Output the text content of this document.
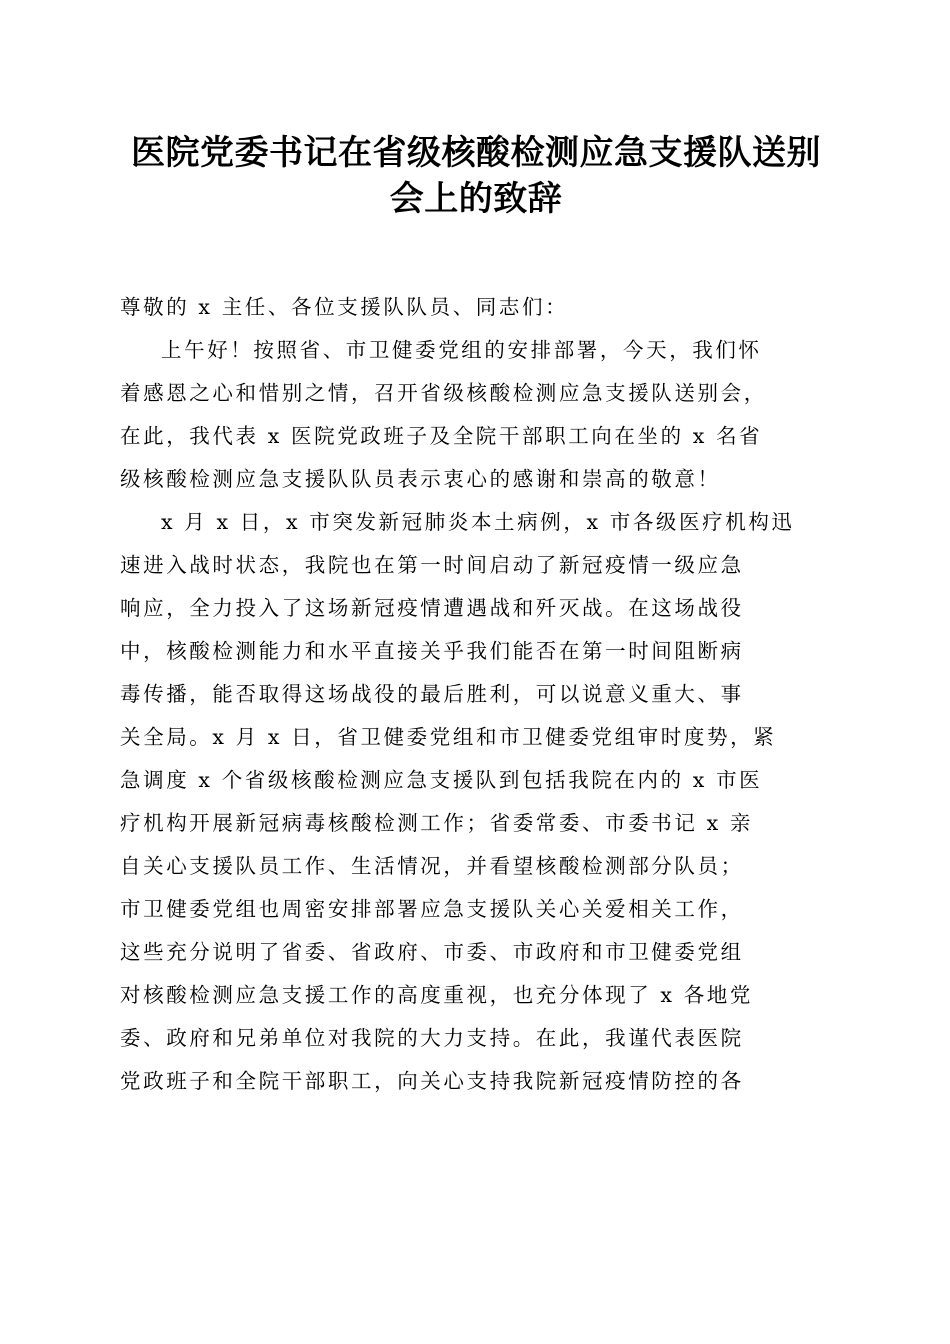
医院党委书记在省级核酸检测应急支援队送别
会上的致辞

尊敬的 x 主任、各位支援队队员、同志们：

上午好！按照省、市卫健委党组的安排部署，今天，我们怀
着感恩之心和惜别之情，召开省级核酸检测应急支援队送别会，
在此，我代表 x 医院党政班子及全院干部职工向在坐的 x 名省
级核酸检测应急支援队队员表示衷心的感谢和崇高的敬意！

x 月 x 日，x 市突发新冠肺炎本土病例，x 市各级医疗机构迅
速进入战时状态，我院也在第一时间启动了新冠疫情一级应急
响应，全力投入了这场新冠疫情遭遇战和歼灭战。在这场战役
中，核酸检测能力和水平直接关乎我们能否在第一时间阻断病
毒传播，能否取得这场战役的最后胜利，可以说意义重大、事
关全局。x 月 x 日，省卫健委党组和市卫健委党组审时度势，紧
急调度 x 个省级核酸检测应急支援队到包括我院在内的 x 市医
疗机构开展新冠病毒核酸检测工作；省委常委、市委书记 x 亲
自关心支援队员工作、生活情况，并看望核酸检测部分队员；
市卫健委党组也周密安排部署应急支援队关心关爱相关工作，
这些充分说明了省委、省政府、市委、市政府和市卫健委党组
对核酸检测应急支援工作的高度重视，也充分体现了 x 各地党
委、政府和兄弟单位对我院的大力支持。在此，我谨代表医院
党政班子和全院干部职工，向关心支持我院新冠疫情防控的各
